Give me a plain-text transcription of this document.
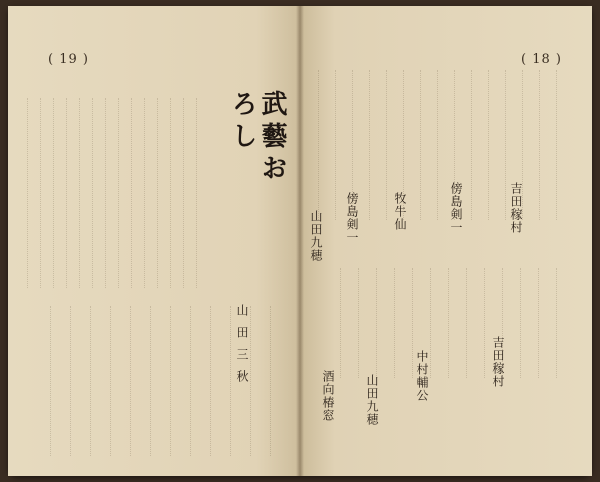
( 19 )	( 18 )
武藝おろし
山田三秋
吉田稼村
傍島剣一
牧牛仙
傍島剣一
山田九穂
吉田稼村
中村輔公
山田九穂
酒向椿窓
